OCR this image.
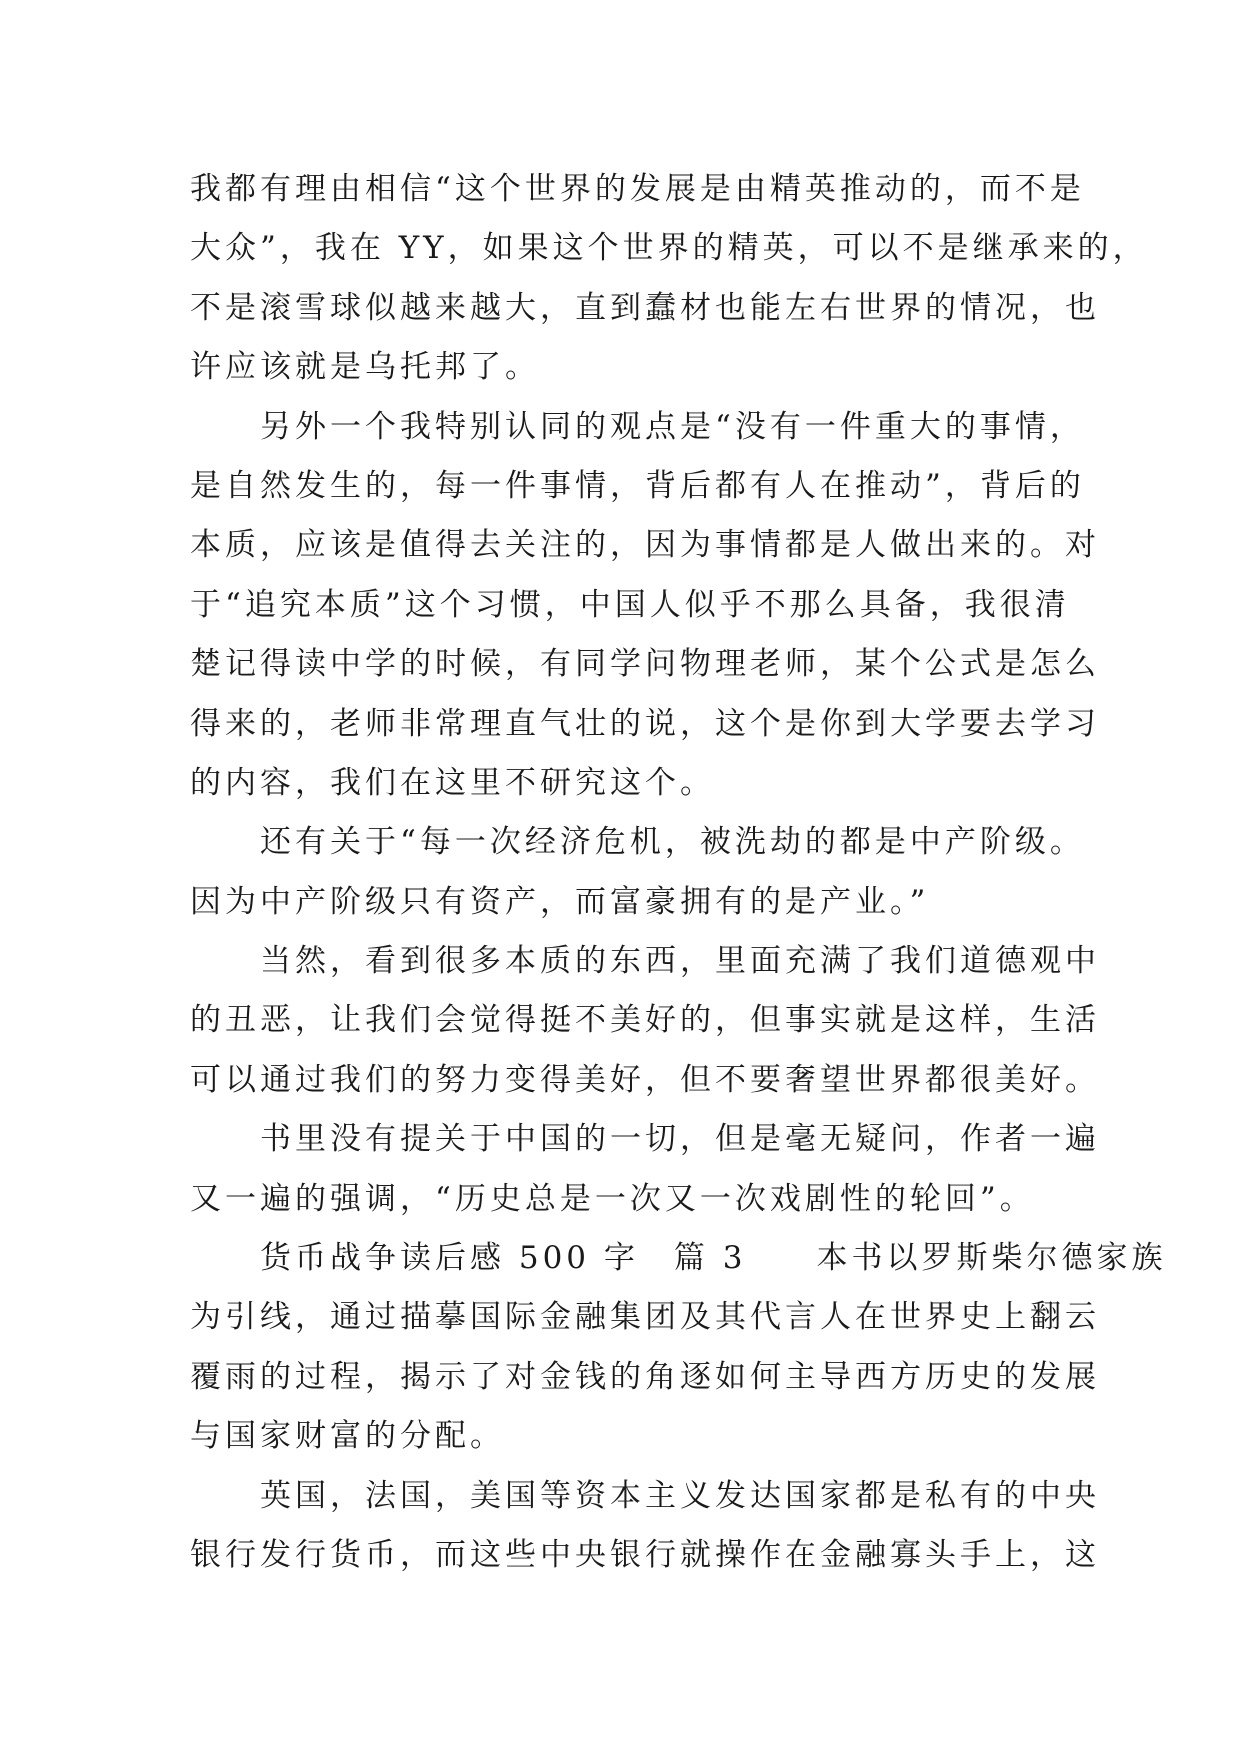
我都有理由相信“这个世界的发展是由精英推动的，而不是
大众”，我在 YY，如果这个世界的精英，可以不是继承来的，
不是滚雪球似越来越大，直到蠢材也能左右世界的情况，也
许应该就是乌托邦了。
　　另外一个我特别认同的观点是“没有一件重大的事情，
是自然发生的，每一件事情，背后都有人在推动”，背后的
本质，应该是值得去关注的，因为事情都是人做出来的。对
于“追究本质”这个习惯，中国人似乎不那么具备，我很清
楚记得读中学的时候，有同学问物理老师，某个公式是怎么
得来的，老师非常理直气壮的说，这个是你到大学要去学习
的内容，我们在这里不研究这个。
　　还有关于“每一次经济危机，被洗劫的都是中产阶级。
因为中产阶级只有资产，而富豪拥有的是产业。”
　　当然，看到很多本质的东西，里面充满了我们道德观中
的丑恶，让我们会觉得挺不美好的，但事实就是这样，生活
可以通过我们的努力变得美好，但不要奢望世界都很美好。
　　书里没有提关于中国的一切，但是毫无疑问，作者一遍
又一遍的强调，“历史总是一次又一次戏剧性的轮回”。
　　货币战争读后感 500 字　篇 3　　本书以罗斯柴尔德家族
为引线，通过描摹国际金融集团及其代言人在世界史上翻云
覆雨的过程，揭示了对金钱的角逐如何主导西方历史的发展
与国家财富的分配。
　　英国，法国，美国等资本主义发达国家都是私有的中央
银行发行货币，而这些中央银行就操作在金融寡头手上，这
